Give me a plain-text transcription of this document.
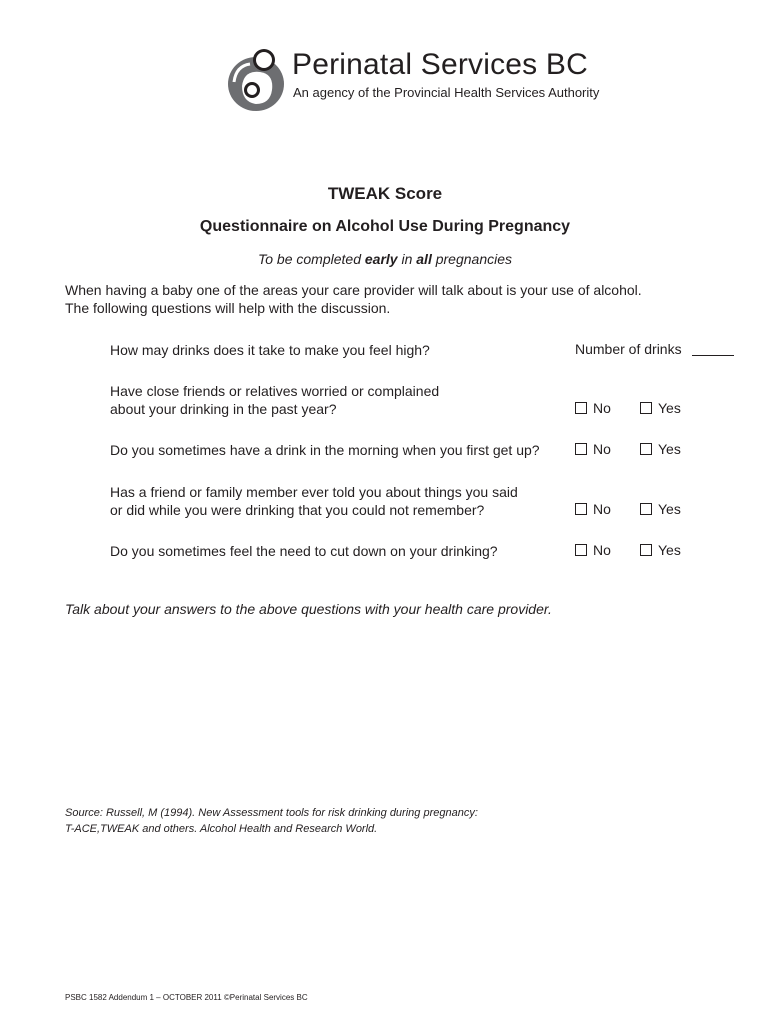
Perinatal Services BC
An agency of the Provincial Health Services Authority
TWEAK Score
Questionnaire on Alcohol Use During Pregnancy
To be completed early in all pregnancies
When having a baby one of the areas your care provider will talk about is your use of alcohol.
The following questions will help with the discussion.
How may drinks does it take to make you feel high?	Number of drinks
Have close friends or relatives worried or complained
about your drinking in the past year?	No	Yes
Do you sometimes have a drink in the morning when you first get up?	No	Yes
Has a friend or family member ever told you about things you said
or did while you were drinking that you could not remember?	No	Yes
Do you sometimes feel the need to cut down on your drinking?	No	Yes
Talk about your answers to the above questions with your health care provider.
Source: Russell, M (1994). New Assessment tools for risk drinking during pregnancy:
T-ACE,TWEAK and others. Alcohol Health and Research World.
PSBC 1582 Addendum 1 – OCTOBER 2011 ©Perinatal Services BC
